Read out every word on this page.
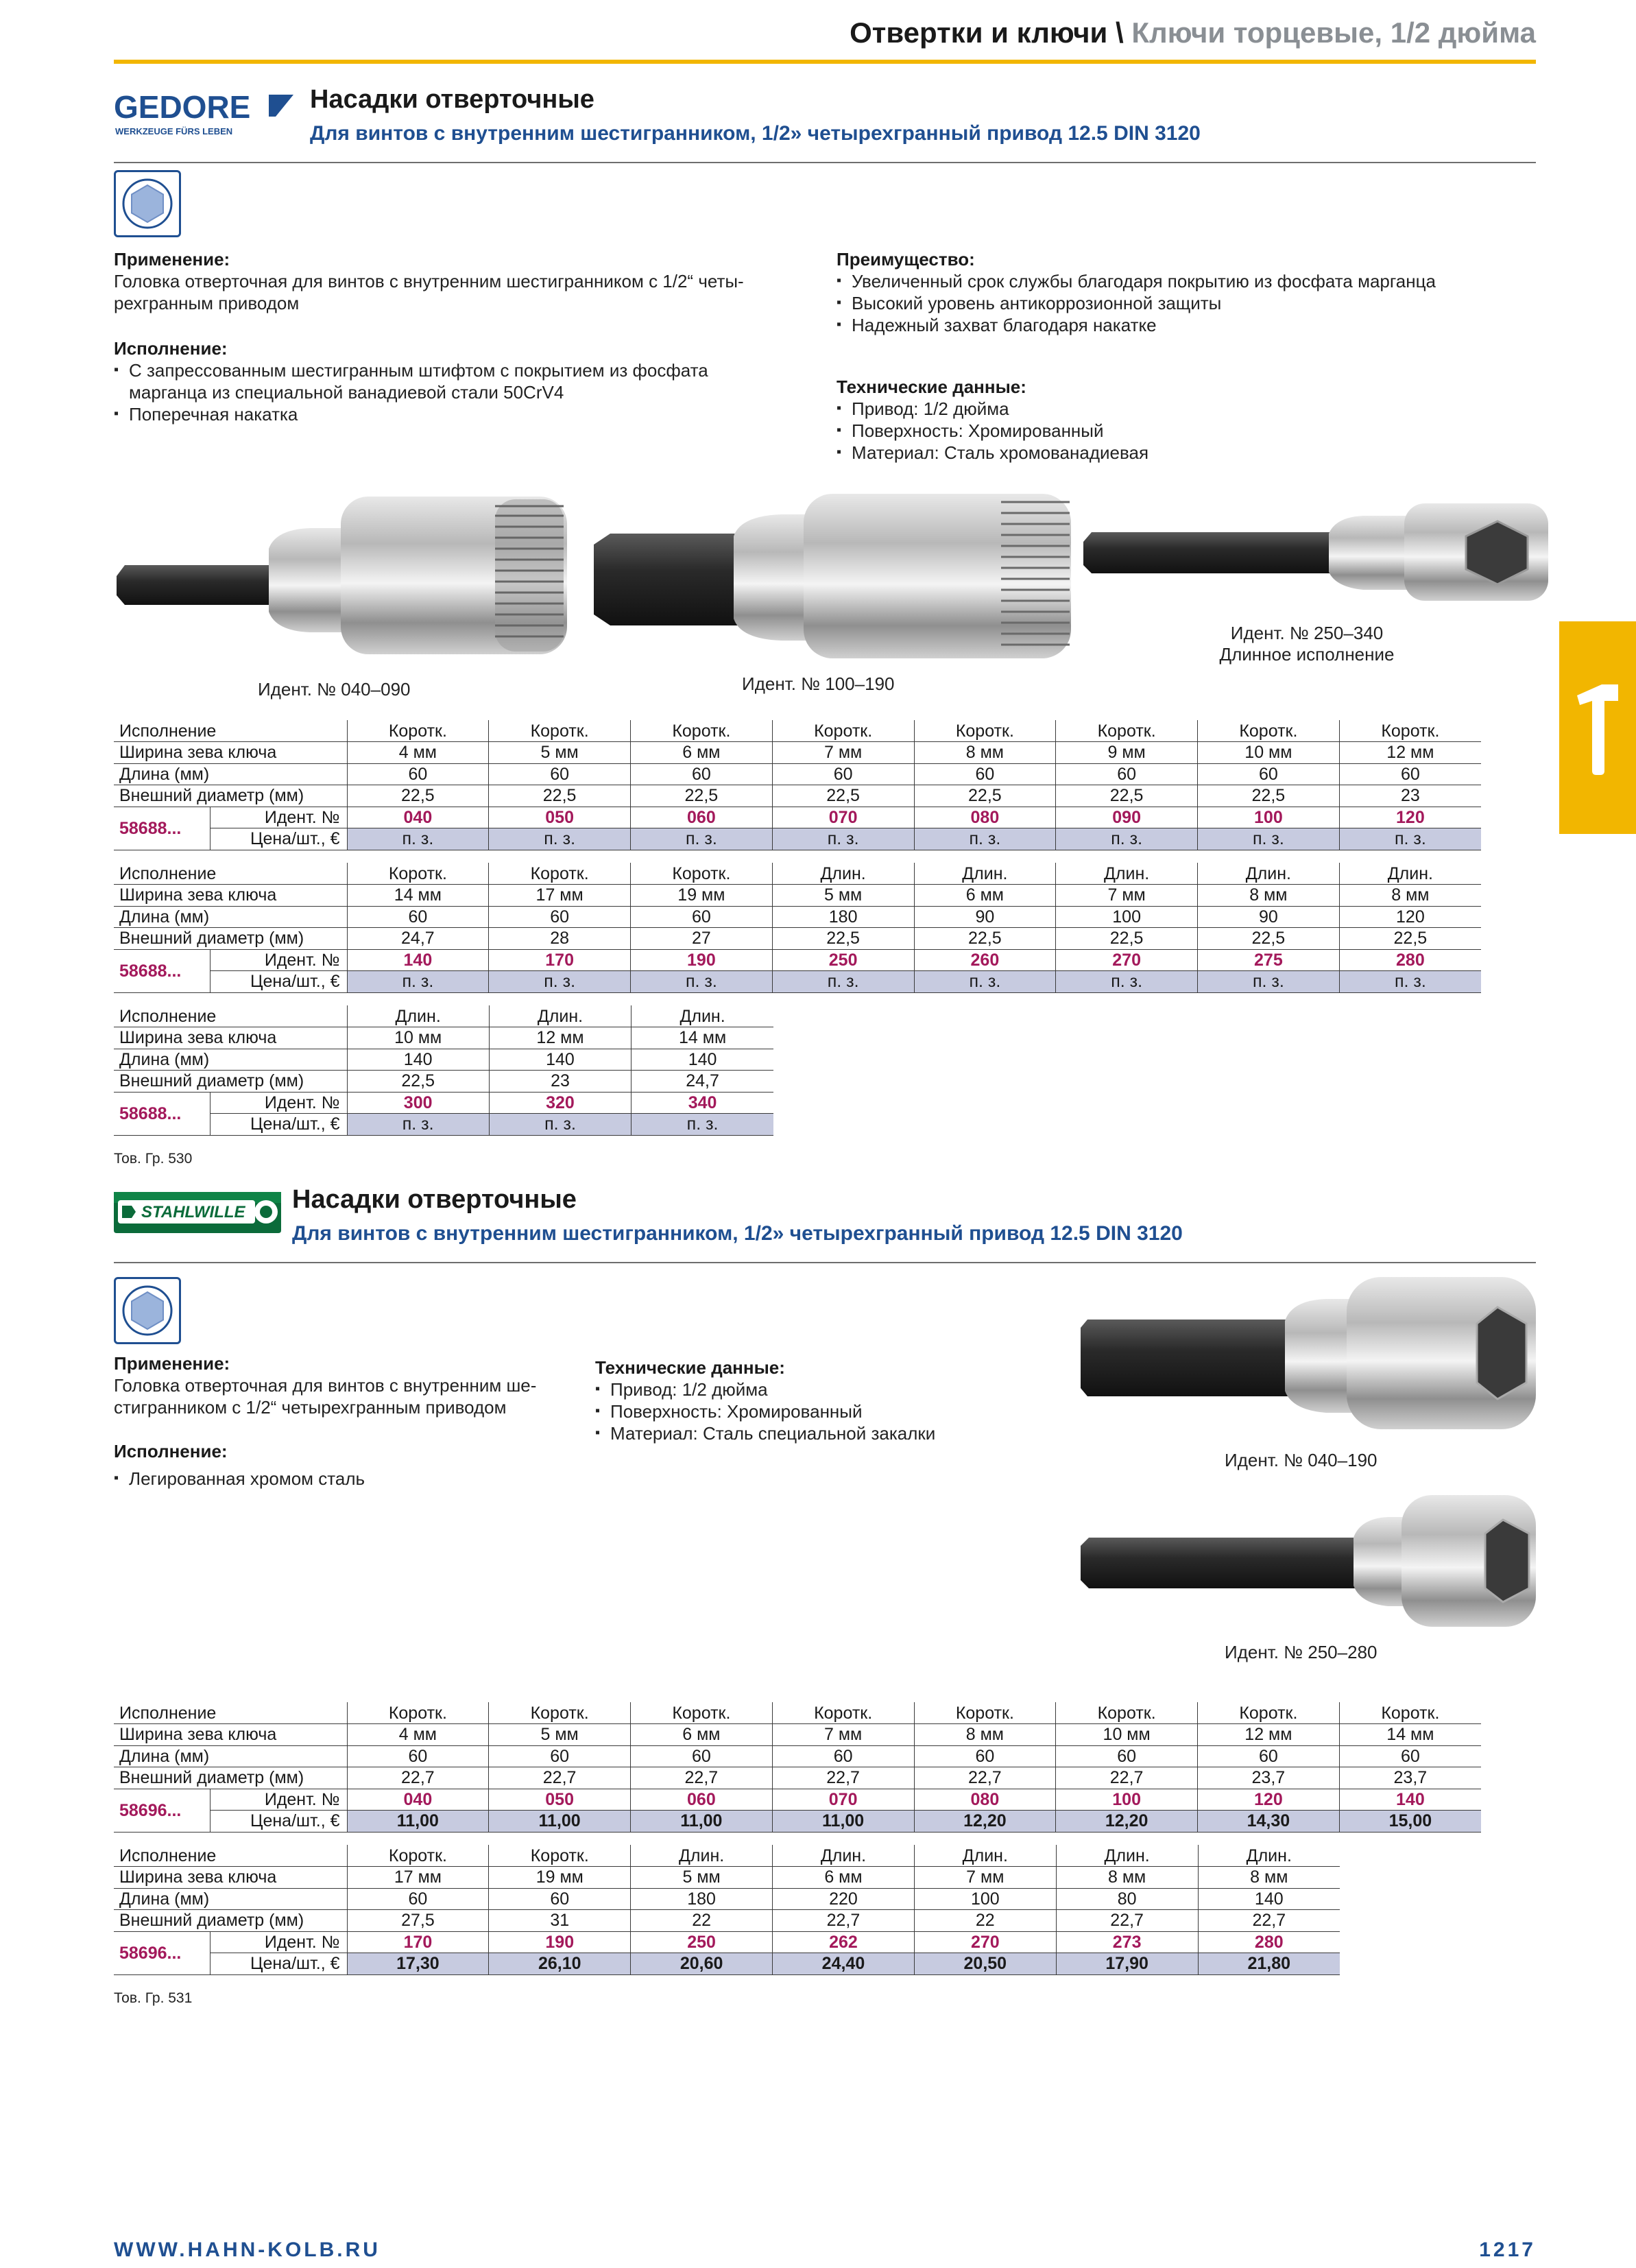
Отвертки и ключи \ Ключи торцевые, 1/2 дюйма
GEDORE
WERKZEUGE FÜRS LEBEN
Насадки отверточные
Для винтов с внутренним шестигранником, 1/2» четырехгранный привод 12.5 DIN 3120
Применение:
Головка отверточная для винтов с внутренним шестигранником с 1/2“ четы-
рехгранным приводом
Исполнение:
▪ С запрессованным шестигранным штифтом с покрытием из фосфата
марганца из специальной ванадиевой стали 50CrV4
▪ Поперечная накатка
Преимущество:
▪ Увеличенный срок службы благодаря покрытию из фосфата марганца
▪ Высокий уровень антикоррозионной защиты
▪ Надежный захват благодаря накатке
Технические данные:
▪ Привод: 1/2 дюйма
▪ Поверхность: Хромированный
▪ Материал: Сталь хромованадиевая
Идент. № 040–090	Идент. № 100–190
Идент. № 250–340
Длинное исполнение
Исполнение		Коротк.	Коротк.	Коротк.	Коротк.	Коротк.	Коротк.	Коротк.	Коротк.
Ширина зева ключа		4 мм	5 мм	6 мм	7 мм	8 мм	9 мм	10 мм	12 мм
Длина (мм)		60	60	60	60	60	60	60	60
Внешний диаметр (мм)		22,5	22,5	22,5	22,5	22,5	22,5	22,5	23
58688...	Идент. №	040	050	060	070	080	090	100	120
	Цена/шт., €	п. з.	п. з.	п. з.	п. з.	п. з.	п. з.	п. з.	п. з.
Исполнение		Коротк.	Коротк.	Коротк.	Длин.	Длин.	Длин.	Длин.	Длин.
Ширина зева ключа		14 мм	17 мм	19 мм	5 мм	6 мм	7 мм	8 мм	8 мм
Длина (мм)		60	60	60	180	90	100	90	120
Внешний диаметр (мм)		24,7	28	27	22,5	22,5	22,5	22,5	22,5
58688...	Идент. №	140	170	190	250	260	270	275	280
	Цена/шт., €	п. з.	п. з.	п. з.	п. з.	п. з.	п. з.	п. з.	п. з.
Исполнение		Длин.	Длин.	Длин.
Ширина зева ключа		10 мм	12 мм	14 мм
Длина (мм)		140	140	140
Внешний диаметр (мм)		22,5	23	24,7
58688...	Идент. №	300	320	340
	Цена/шт., €	п. з.	п. з.	п. з.
Тов. Гр. 530
STAHLWILLE Насадки отверточные
Для винтов с внутренним шестигранником, 1/2» четырехгранный привод 12.5 DIN 3120
Применение:
Головка отверточная для винтов с внутренним ше-
стигранником с 1/2“ четырехгранным приводом
Исполнение:
▪ Легированная хромом сталь
Технические данные:
▪ Привод: 1/2 дюйма
▪ Поверхность: Хромированный
▪ Материал: Сталь специальной закалки
Идент. № 040–190
Идент. № 250–280
Исполнение		Коротк.	Коротк.	Коротк.	Коротк.	Коротк.	Коротк.	Коротк.	Коротк.
Ширина зева ключа		4 мм	5 мм	6 мм	7 мм	8 мм	10 мм	12 мм	14 мм
Длина (мм)		60	60	60	60	60	60	60	60
Внешний диаметр (мм)		22,7	22,7	22,7	22,7	22,7	22,7	23,7	23,7
58696...	Идент. №	040	050	060	070	080	100	120	140
	Цена/шт., €	11,00	11,00	11,00	11,00	12,20	12,20	14,30	15,00
Исполнение		Коротк.	Коротк.	Длин.	Длин.	Длин.	Длин.	Длин.
Ширина зева ключа		17 мм	19 мм	5 мм	6 мм	7 мм	8 мм	8 мм
Длина (мм)		60	60	180	220	100	80	140
Внешний диаметр (мм)		27,5	31	22	22,7	22	22,7	22,7
58696...	Идент. №	170	190	250	262	270	273	280
	Цена/шт., €	17,30	26,10	20,60	24,40	20,50	17,90	21,80
Тов. Гр. 531
WWW.HAHN-KOLB.RU	1217
